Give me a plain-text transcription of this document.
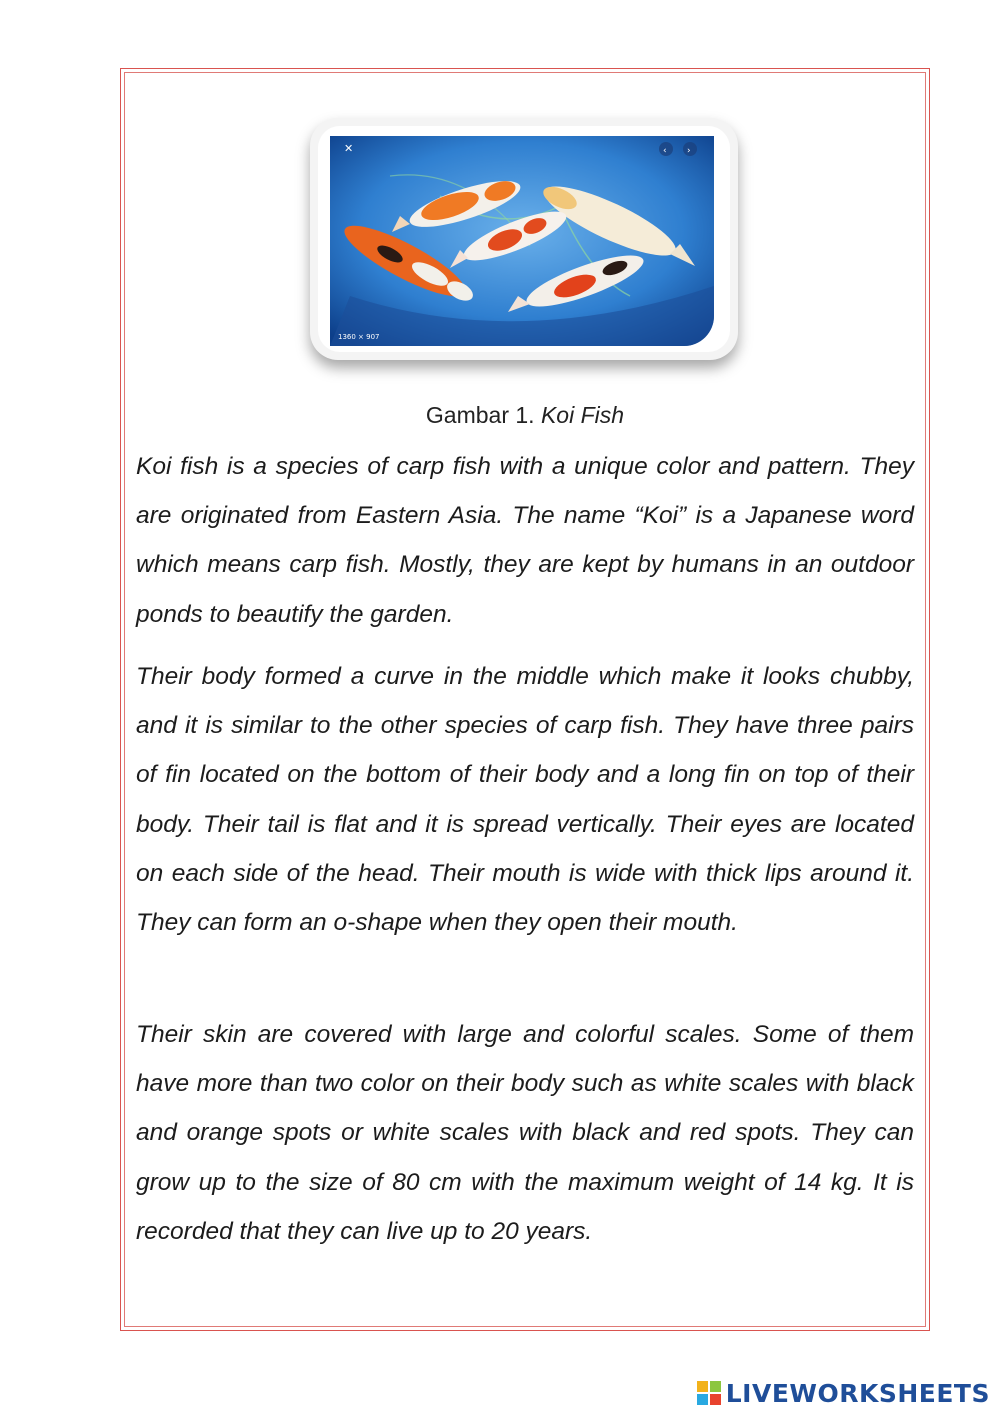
✕	‹ ›
1360 × 907
Gambar 1. Koi Fish

Koi fish is a species of carp fish with a unique color and pattern. They are originated from Eastern Asia. The name “Koi” is a Japanese word which means carp fish. Mostly, they are kept by humans in an outdoor ponds to beautify the garden.

Their body formed a curve in the middle which make it looks chubby, and it is similar to the other species of carp fish. They have three pairs of fin located on the bottom of their body and a long fin on top of their body. Their tail is flat and it is spread vertically. Their eyes are located on each side of the head. Their mouth is wide with thick lips around it. They can form an o-shape when they open their mouth.

Their skin are covered with large and colorful scales. Some of them have more than two color on their body such as white scales with black and orange spots or white scales with black and red spots. They can grow up to the size of 80 cm with the maximum weight of 14 kg. It is recorded that they can live up to 20 years.

LIVEWORKSHEETS
